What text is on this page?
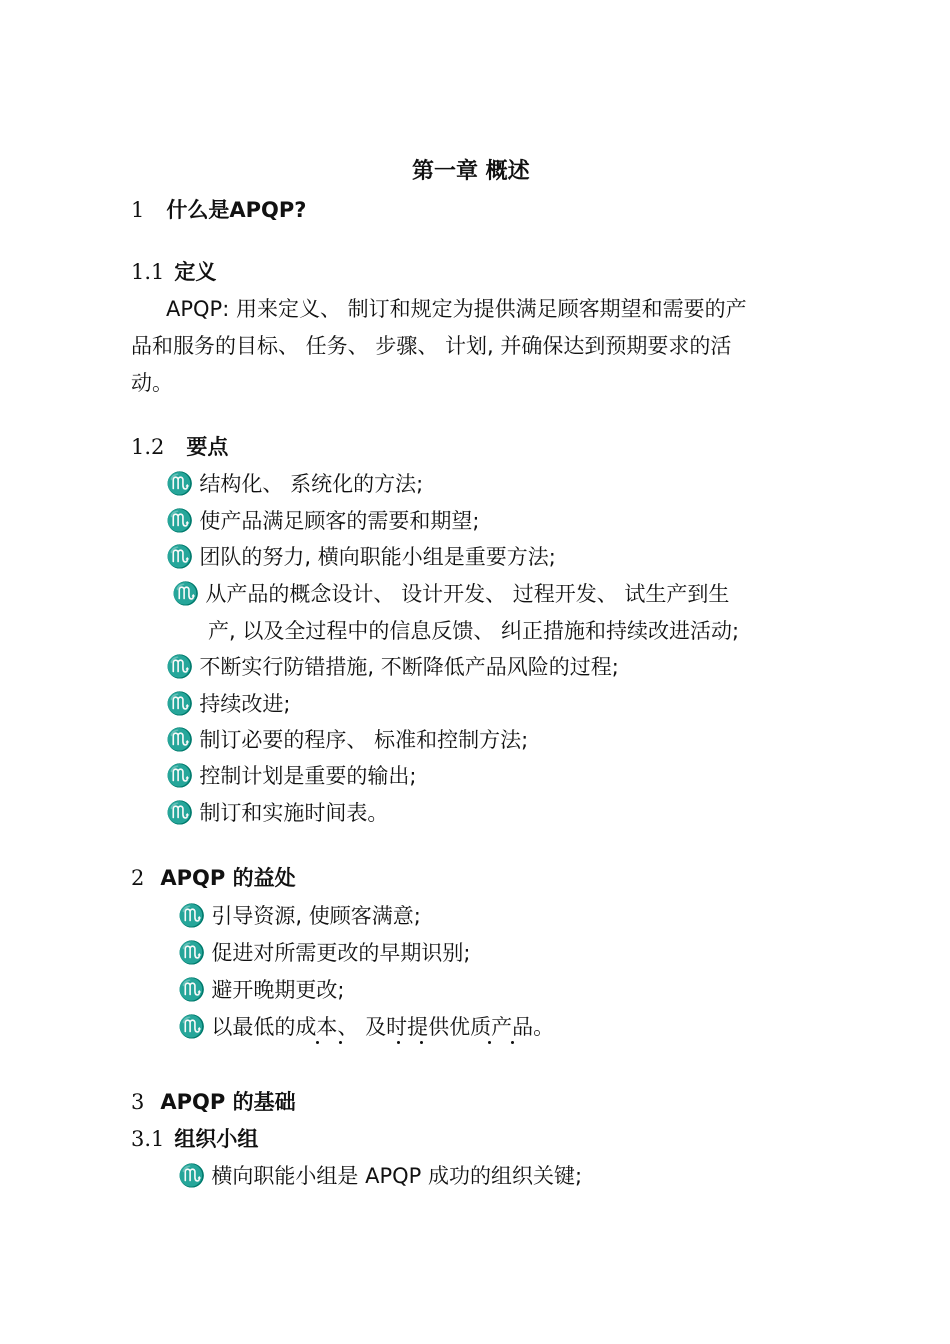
第一章 概述
1 什么是APQP?
1.1 定义
APQP: 用来定义、 制订和规定为提供满足顾客期望和需要的产
品和服务的目标、 任务、 步骤、 计划, 并确保达到预期要求的活
动。
1.2 要点
♏ 结构化、 系统化的方法;
♏ 使产品满足顾客的需要和期望;
♏ 团队的努力, 横向职能小组是重要方法;
♏ 从产品的概念设计、 设计开发、 过程开发、 试生产到生
产, 以及全过程中的信息反馈、 纠正措施和持续改进活动;
♏ 不断实行防错措施, 不断降低产品风险的过程;
♏ 持续改进;
♏ 制订必要的程序、 标准和控制方法;
♏ 控制计划是重要的输出;
♏ 制订和实施时间表。
2 APQP 的益处
♏ 引导资源, 使顾客满意;
♏ 促进对所需更改的早期识别;
♏ 避开晚期更改;
♏ 以最低的成本、 及时提供优质产品。
3 APQP 的基础
3.1 组织小组
♏ 横向职能小组是 APQP 成功的组织关键;
